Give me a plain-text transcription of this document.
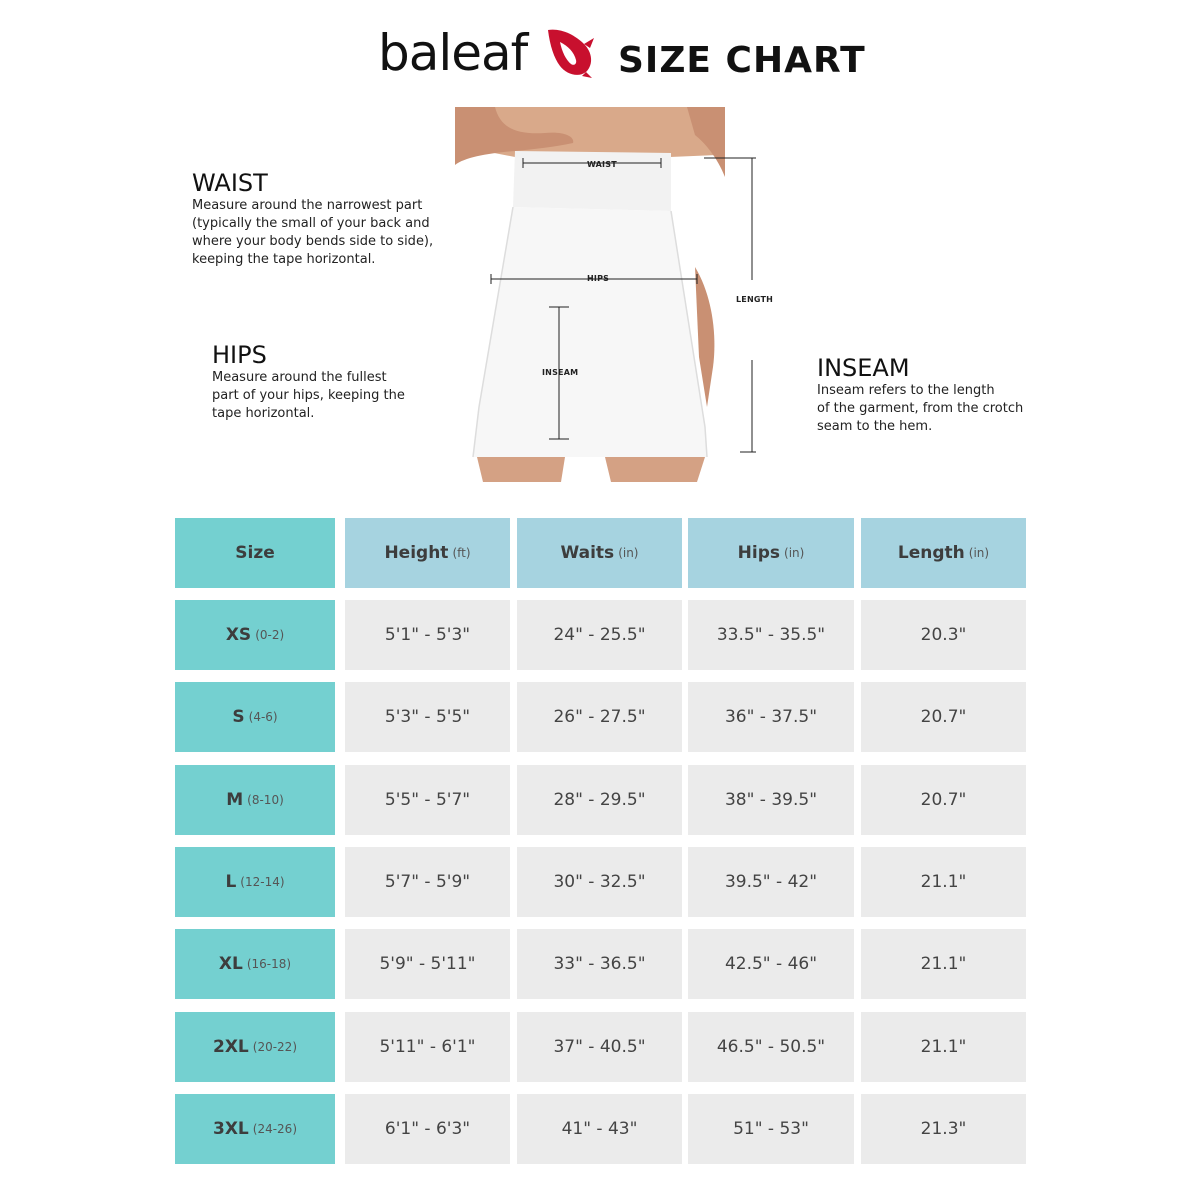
baleaf	SIZE CHART
WAIST
HIPS
INSEAM
LENGTH
WAIST
Measure around the narrowest part
(typically the small of your back and
where your body bends side to side),
keeping the tape horizontal.
HIPS
Measure around the fullest
part of your hips, keeping the
tape horizontal.
INSEAM
Inseam refers to the length
of the garment, from the crotch
seam to the hem.
Size	Height (ft)	Waits (in)	Hips (in)	Length (in)
XS (0-2)	5'1" - 5'3"	24" - 25.5"	33.5" - 35.5"	20.3"
S (4-6)	5'3" - 5'5"	26" - 27.5"	36" - 37.5"	20.7"
M (8-10)	5'5" - 5'7"	28" - 29.5"	38" - 39.5"	20.7"
L (12-14)	5'7" - 5'9"	30" - 32.5"	39.5" - 42"	21.1"
XL (16-18)	5'9" - 5'11"	33" - 36.5"	42.5" - 46"	21.1"
2XL (20-22)	5'11" - 6'1"	37" - 40.5"	46.5" - 50.5"	21.1"
3XL (24-26)	6'1" - 6'3"	41" - 43"	51" - 53"	21.3"
